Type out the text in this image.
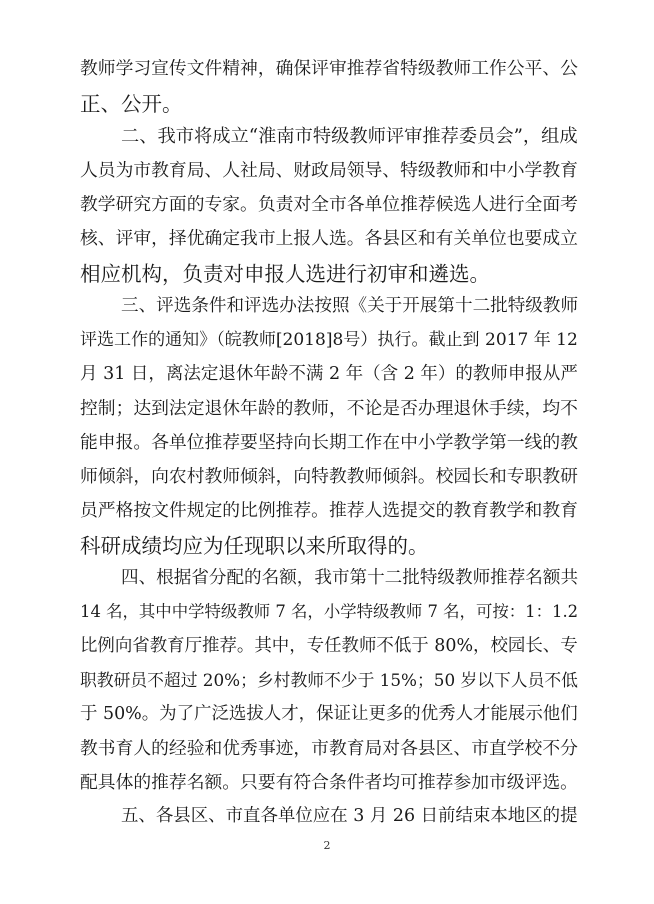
教师学习宣传文件精神，确保评审推荐省特级教师工作公平、公
正、公开。
二、我市将成立“淮南市特级教师评审推荐委员会”，组成
人员为市教育局、人社局、财政局领导、特级教师和中小学教育
教学研究方面的专家。负责对全市各单位推荐候选人进行全面考
核、评审，择优确定我市上报人选。各县区和有关单位也要成立
相应机构，负责对申报人选进行初审和遴选。
三、评选条件和评选办法按照《关于开展第十二批特级教师
评选工作的通知》（皖教师[2018]8号）执行。截止到 2017 年 12
月 31 日，离法定退休年龄不满 2 年（含 2 年）的教师申报从严
控制；达到法定退休年龄的教师，不论是否办理退休手续，均不
能申报。各单位推荐要坚持向长期工作在中小学教学第一线的教
师倾斜，向农村教师倾斜，向特教教师倾斜。校园长和专职教研
员严格按文件规定的比例推荐。推荐人选提交的教育教学和教育
科研成绩均应为任现职以来所取得的。
四、根据省分配的名额，我市第十二批特级教师推荐名额共
14 名，其中中学特级教师 7 名，小学特级教师 7 名，可按：1：1.2
比例向省教育厅推荐。其中，专任教师不低于 80%，校园长、专
职教研员不超过 20%；乡村教师不少于 15%；50 岁以下人员不低
于 50%。为了广泛选拔人才，保证让更多的优秀人才能展示他们
教书育人的经验和优秀事迹，市教育局对各县区、市直学校不分
配具体的推荐名额。只要有符合条件者均可推荐参加市级评选。
五、各县区、市直各单位应在 3 月 26 日前结束本地区的提
2
